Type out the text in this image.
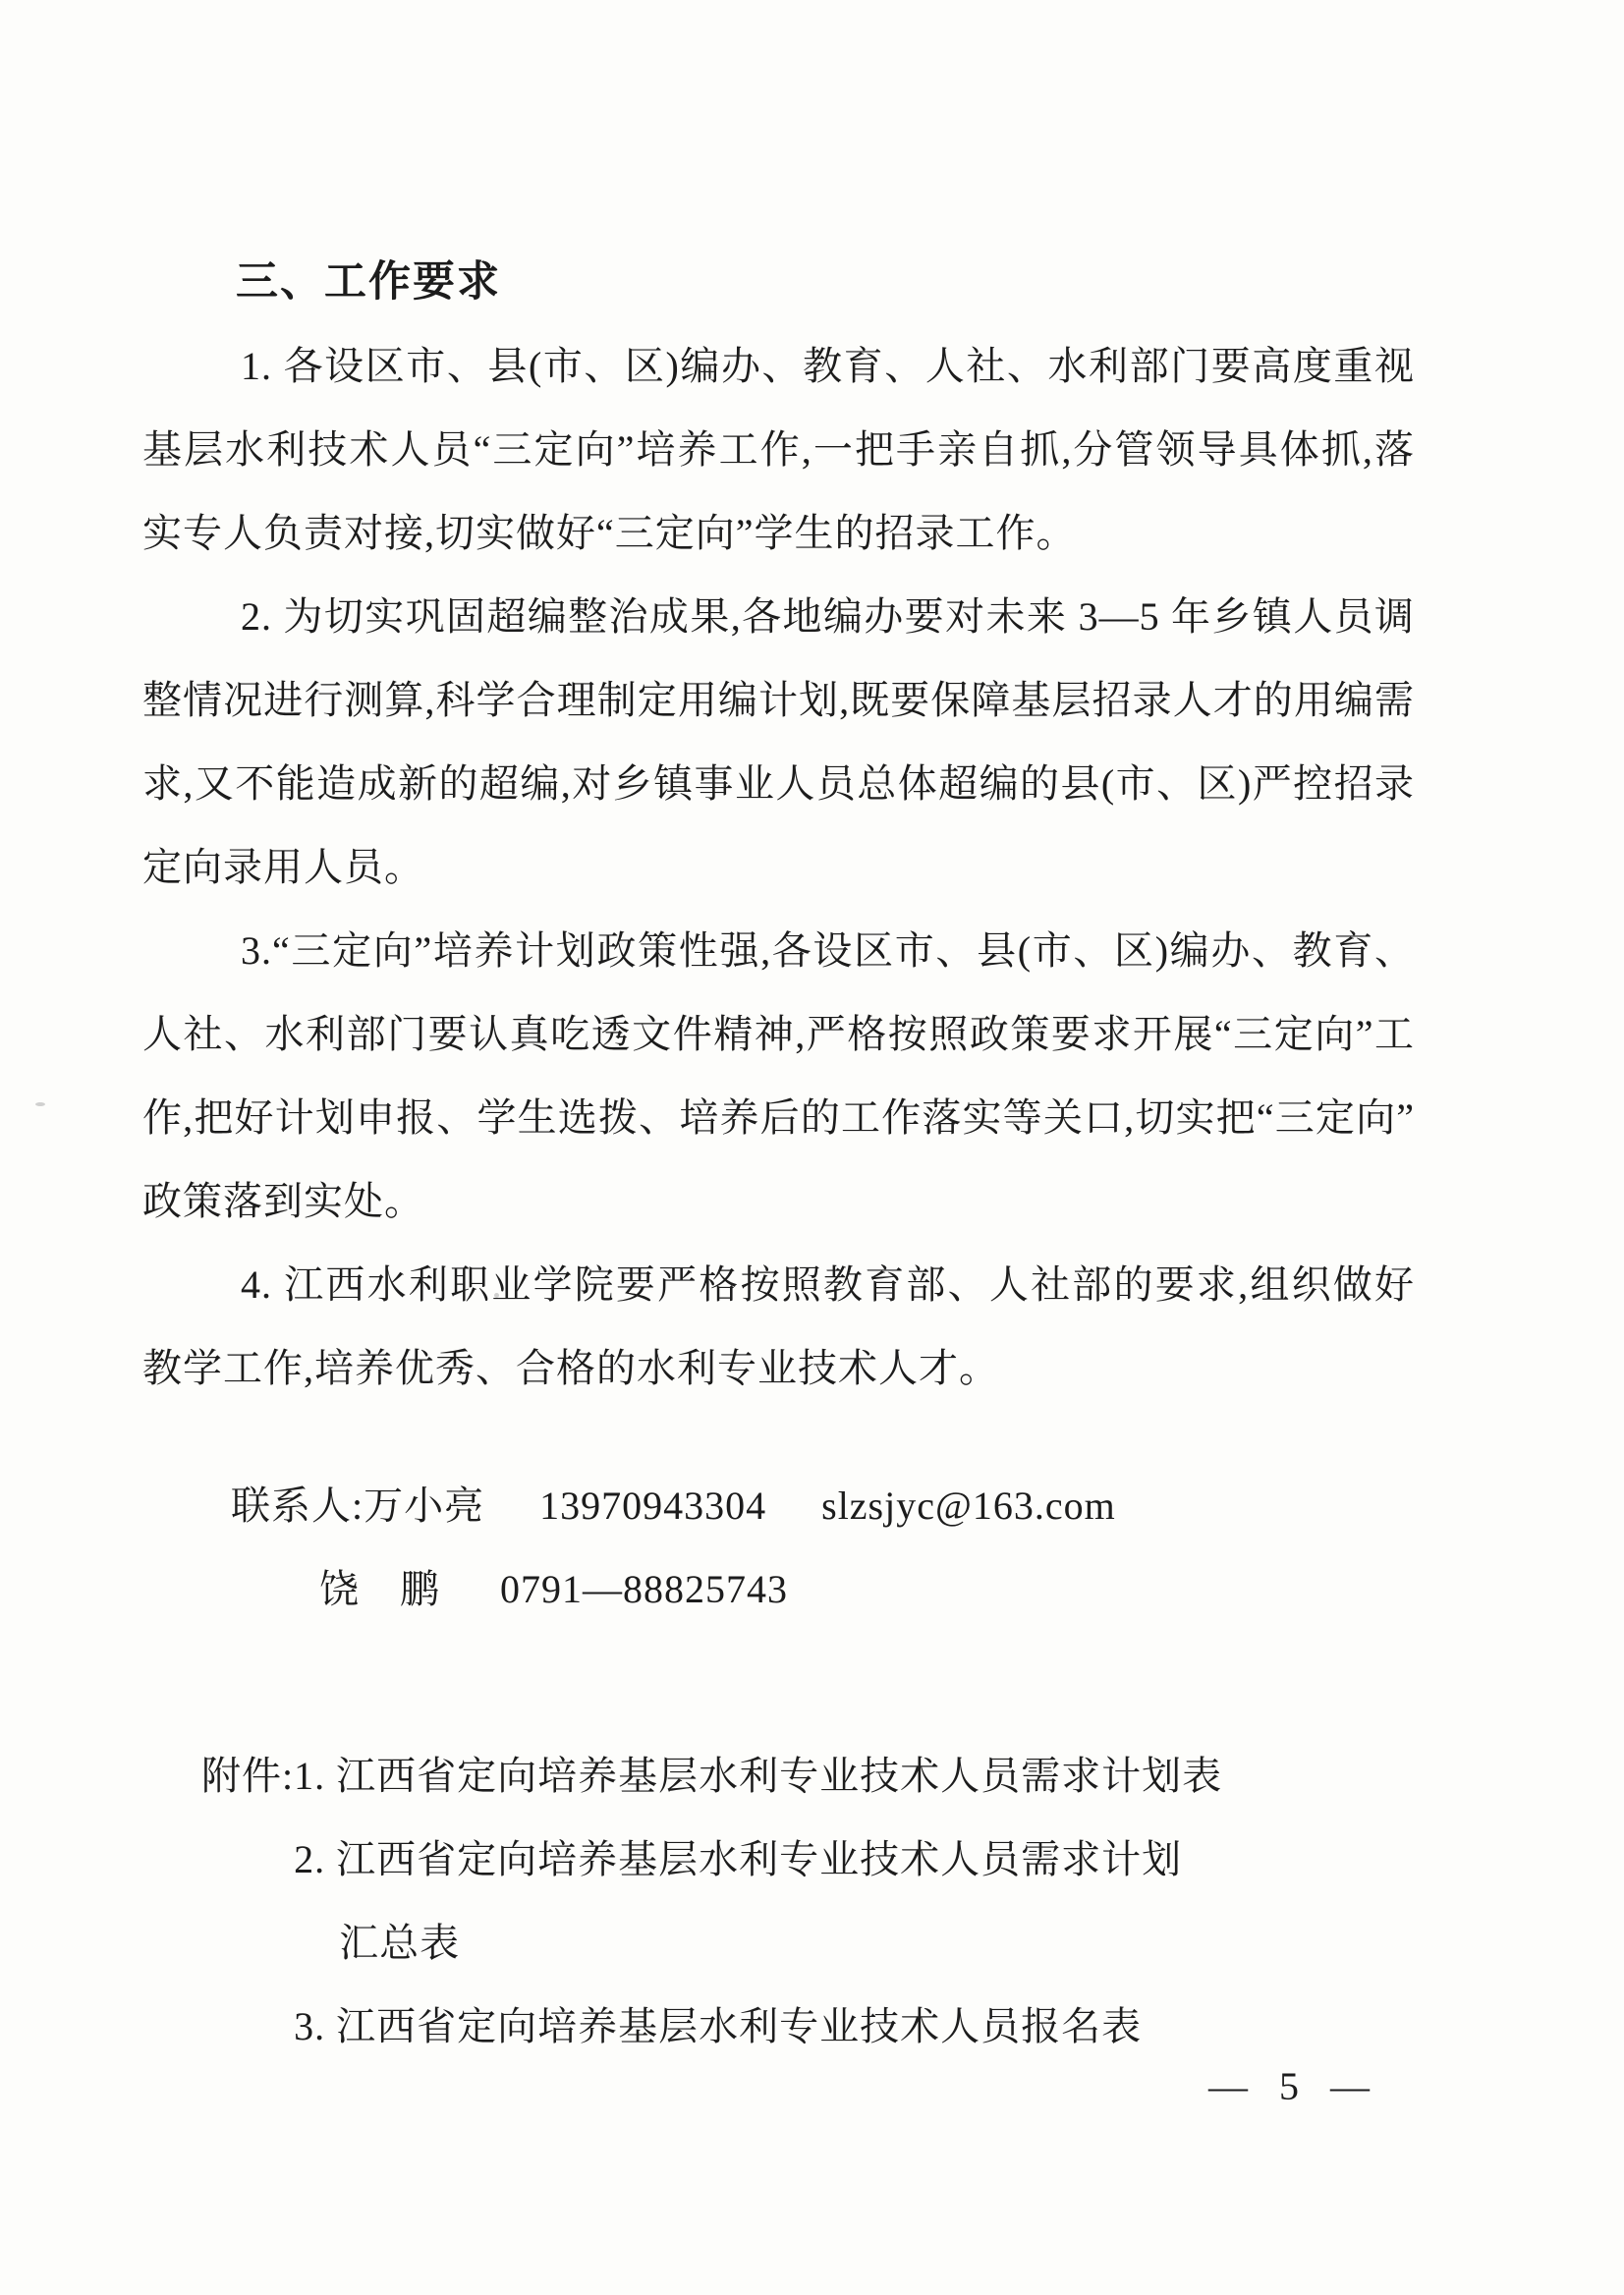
三、工作要求

1. 各设区市、县(市、区)编办、教育、人社、水利部门要高度重视基层水利技术人员“三定向”培养工作,一把手亲自抓,分管领导具体抓,落实专人负责对接,切实做好“三定向”学生的招录工作。

2. 为切实巩固超编整治成果,各地编办要对未来 3—5 年乡镇人员调整情况进行测算,科学合理制定用编计划,既要保障基层招录人才的用编需求,又不能造成新的超编,对乡镇事业人员总体超编的县(市、区)严控招录定向录用人员。

3.“三定向”培养计划政策性强,各设区市、县(市、区)编办、教育、人社、水利部门要认真吃透文件精神,严格按照政策要求开展“三定向”工作,把好计划申报、学生选拨、培养后的工作落实等关口,切实把“三定向”政策落到实处。

4. 江西水利职业学院要严格按照教育部、人社部的要求,组织做好教学工作,培养优秀、合格的水利专业技术人才。

联系人:万小亮 13970943304 slzsjyc@163.com

饶　鹏 0791—88825743

附件: 1. 江西省定向培养基层水利专业技术人员需求计划表

2. 江西省定向培养基层水利专业技术人员需求计划

汇总表

3. 江西省定向培养基层水利专业技术人员报名表

— 5 —
